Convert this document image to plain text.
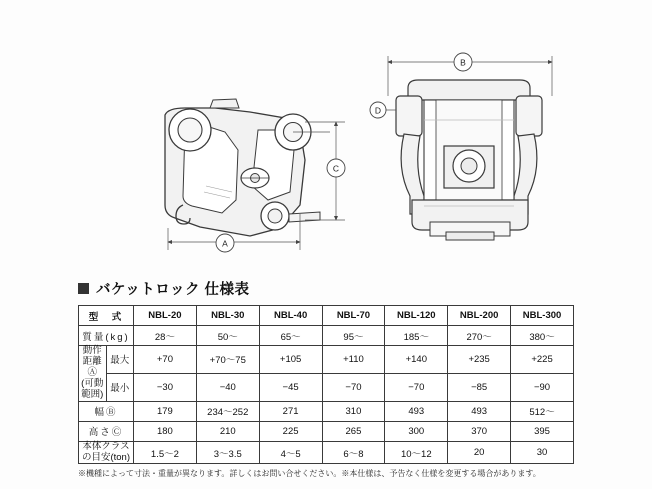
A
C
B
D
バケットロック 仕様表
型　式		NBL-20	NBL-30	NBL-40	NBL-70	NBL-120	NBL-200	NBL-300
質量(kg)		28～	50～	65～	95～	185～	270～	380～

動作距離Ⓐ
(可動範囲)	最大	+70	+70～75	+105	+110	+140	+235	+225
	最小	−30	−40	−45	−70	−70	−85	−90
幅Ⓑ		179	234～252	271	310	493	493	512～
高さⒸ		180	210	225	265	300	370	395
本体クラスの目安(ton)		1.5～2	3～3.5	4～5	6～8	10～12	20	30
※機種によって寸法・重量が異なります。詳しくはお問い合せください。※本仕様は、予告なく仕様を変更する場合があります。
